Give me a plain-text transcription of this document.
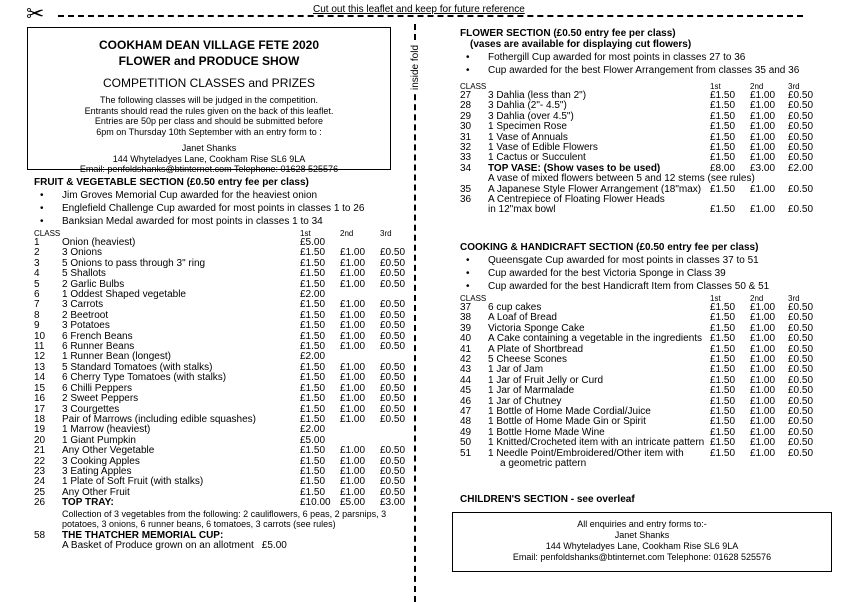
✂	Cut out this leaflet and keep for future reference
inside fold
COOKHAM DEAN VILLAGE FETE 2020
FLOWER and PRODUCE SHOW
COMPETITION CLASSES and PRIZES
The following classes will be judged in the competition.
Entrants should read the rules given on the back of this leaflet.
Entries are 50p per class and should be submitted before
6pm on Thursday 10th September with an entry form to :
Janet Shanks
144 Whyteladyes Lane, Cookham Rise SL6 9LA
Email: penfoldshanks@btinternet.com Telephone: 01628 525576
FRUIT & VEGETABLE SECTION (£0.50 entry fee per class)
• Jim Groves Memorial Cup awarded for the heaviest onion
• Englefield Challenge Cup awarded for most points in classes 1 to 26
• Banksian Medal awarded for most points in classes 1 to 34
CLASS		1st	2nd	3rd
1	Onion (heaviest)	£5.00		
2	3 Onions	£1.50	£1.00	£0.50
3	5 Onions to pass through 3" ring	£1.50	£1.00	£0.50
4	5 Shallots	£1.50	£1.00	£0.50
5	2 Garlic Bulbs	£1.50	£1.00	£0.50
6	1 Oddest Shaped vegetable	£2.00		
7	3 Carrots	£1.50	£1.00	£0.50
8	2 Beetroot	£1.50	£1.00	£0.50
9	3 Potatoes	£1.50	£1.00	£0.50
10	6 French Beans	£1.50	£1.00	£0.50
11	6 Runner Beans	£1.50	£1.00	£0.50
12	1 Runner Bean (longest)	£2.00		
13	5 Standard Tomatoes (with stalks)	£1.50	£1.00	£0.50
14	6 Cherry Type Tomatoes (with stalks)	£1.50	£1.00	£0.50
15	6 Chilli Peppers	£1.50	£1.00	£0.50
16	2 Sweet Peppers	£1.50	£1.00	£0.50
17	3 Courgettes	£1.50	£1.00	£0.50
18	Pair of Marrows (including edible squashes)	£1.50	£1.00	£0.50
19	1 Marrow (heaviest)	£2.00		
20	1 Giant Pumpkin	£5.00		
21	Any Other Vegetable	£1.50	£1.00	£0.50
22	3 Cooking Apples	£1.50	£1.00	£0.50
23	3 Eating Apples	£1.50	£1.00	£0.50
24	1 Plate of Soft Fruit (with stalks)	£1.50	£1.00	£0.50
25	Any Other Fruit	£1.50	£1.00	£0.50
26	TOP TRAY:	£10.00	£5.00	£3.00
	Collection of 3 vegetables from the following: 2 cauliflowers, 6 peas, 2 parsnips, 3 potatoes, 3 onions, 6 runner beans, 6 tomatoes, 3 carrots (see rules)			
58	THE THATCHER MEMORIAL CUP:			
	A Basket of Produce grown on an allotment £5.00			
FLOWER SECTION (£0.50 entry fee per class)
(vases are available for displaying cut flowers)
• Fothergill Cup awarded for most points in classes 27 to 36
• Cup awarded for the best Flower Arrangement from classes 35 and 36
CLASS		1st	2nd	3rd
27	3 Dahlia (less than 2")	£1.50	£1.00	£0.50
28	3 Dahlia (2"- 4.5")	£1.50	£1.00	£0.50
29	3 Dahlia (over 4.5")	£1.50	£1.00	£0.50
30	1 Specimen Rose	£1.50	£1.00	£0.50
31	1 Vase of Annuals	£1.50	£1.00	£0.50
32	1 Vase of Edible Flowers	£1.50	£1.00	£0.50
33	1 Cactus or Succulent	£1.50	£1.00	£0.50
34	TOP VASE: (Show vases to be used)	£8.00	£3.00	£2.00
	A vase of mixed flowers between 5 and 12 stems (see rules)			
35	A Japanese Style Flower Arrangement (18"max)	£1.50	£1.00	£0.50
36	A Centrepiece of Floating Flower Heads			
	in 12"max bowl	£1.50	£1.00	£0.50
COOKING & HANDICRAFT SECTION (£0.50 entry fee per class)
• Queensgate Cup awarded for most points in classes 37 to 51
• Cup awarded for the best Victoria Sponge in Class 39
• Cup awarded for the best Handicraft Item from Classes 50 & 51
CLASS		1st	2nd	3rd
37	6 cup cakes	£1.50	£1.00	£0.50
38	A Loaf of Bread	£1.50	£1.00	£0.50
39	Victoria Sponge Cake	£1.50	£1.00	£0.50
40	A Cake containing a vegetable in the ingredients	£1.50	£1.00	£0.50
41	A Plate of Shortbread	£1.50	£1.00	£0.50
42	5 Cheese Scones	£1.50	£1.00	£0.50
43	1 Jar of Jam	£1.50	£1.00	£0.50
44	1 Jar of Fruit Jelly or Curd	£1.50	£1.00	£0.50
45	1 Jar of Marmalade	£1.50	£1.00	£0.50
46	1 Jar of Chutney	£1.50	£1.00	£0.50
47	1 Bottle of Home Made Cordial/Juice	£1.50	£1.00	£0.50
48	1 Bottle of Home Made Gin or Spirit	£1.50	£1.00	£0.50
49	1 Bottle Home Made Wine	£1.50	£1.00	£0.50
50	1 Knitted/Crocheted item with an intricate pattern	£1.50	£1.00	£0.50
51	1 Needle Point/Embroidered/Other item with	£1.50	£1.00	£0.50
	a geometric pattern			
CHILDREN'S SECTION - see overleaf
All enquiries and entry forms to:-
Janet Shanks
144 Whyteladyes Lane, Cookham Rise SL6 9LA
Email: penfoldshanks@btinternet.com Telephone: 01628 525576
